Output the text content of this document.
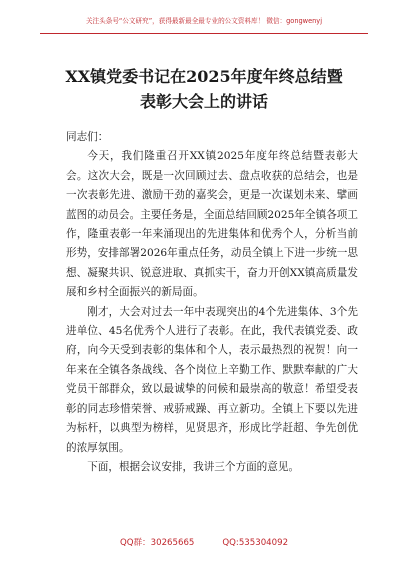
关注头条号“公文研究”，获得最新最全最专业的公文资料库！ 微信：gongwenyj
XX镇党委书记在2025年度年终总结暨表彰大会上的讲话

同志们：

今天，我们隆重召开XX镇2025年度年终总结暨表彰大会。这次大会，既是一次回顾过去、盘点收获的总结会，也是一次表彰先进、激励干劲的嘉奖会，更是一次谋划未来、擘画蓝图的动员会。主要任务是，全面总结回顾2025年全镇各项工作，隆重表彰一年来涌现出的先进集体和优秀个人，分析当前形势，安排部署2026年重点任务，动员全镇上下进一步统一思想、凝聚共识、锐意进取、真抓实干，奋力开创XX镇高质量发展和乡村全面振兴的新局面。

刚才，大会对过去一年中表现突出的4个先进集体、3个先进单位、45名优秀个人进行了表彰。在此，我代表镇党委、政府，向今天受到表彰的集体和个人，表示最热烈的祝贺！向一年来在全镇各条战线、各个岗位上辛勤工作、默默奉献的广大党员干部群众，致以最诚挚的问候和最崇高的敬意！希望受表彰的同志珍惜荣誉、戒骄戒躁、再立新功。全镇上下要以先进为标杆，以典型为榜样，见贤思齐，形成比学赶超、争先创优的浓厚氛围。

下面，根据会议安排，我讲三个方面的意见。

QQ群：30265665	QQ:535304092
